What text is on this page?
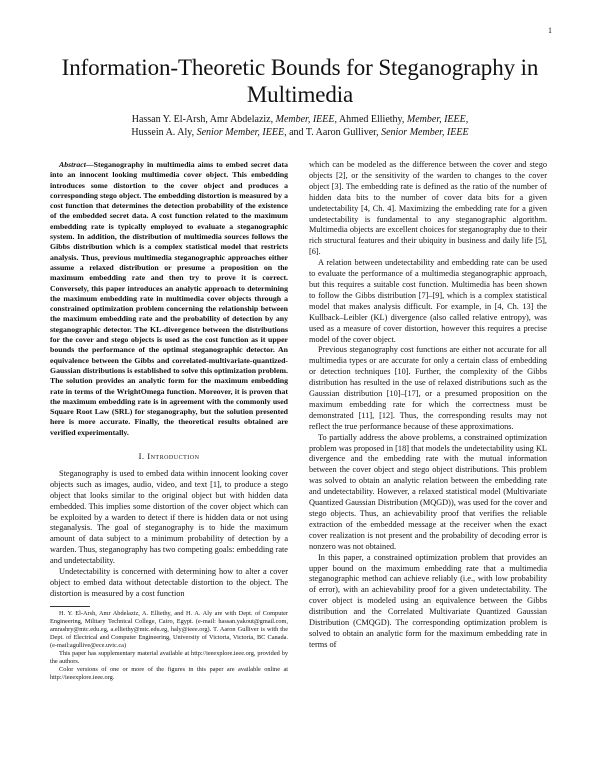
1
Information-Theoretic Bounds for Steganography in Multimedia
Hassan Y. El-Arsh, Amr Abdelaziz, Member, IEEE, Ahmed Elliethy, Member, IEEE,
Hussein A. Aly, Senior Member, IEEE, and T. Aaron Gulliver, Senior Member, IEEE

Abstract—Steganography in multimedia aims to embed secret data into an innocent looking multimedia cover object. This embedding introduces some distortion to the cover object and produces a corresponding stego object. The embedding distortion is measured by a cost function that determines the detection probability of the existence of the embedded secret data. A cost function related to the maximum embedding rate is typically employed to evaluate a steganographic system. In addition, the distribution of multimedia sources follows the Gibbs distribution which is a complex statistical model that restricts analysis. Thus, previous multimedia steganographic approaches either assume a relaxed distribution or presume a proposition on the maximum embedding rate and then try to prove it is correct. Conversely, this paper introduces an analytic approach to determining the maximum embedding rate in multimedia cover objects through a constrained optimization problem concerning the relationship between the maximum embedding rate and the probability of detection by any steganographic detector. The KL-divergence between the distributions for the cover and stego objects is used as the cost function as it upper bounds the performance of the optimal steganographic detector. An equivalence between the Gibbs and correlated-multivariate-quantized-Gaussian distributions is established to solve this optimization problem. The solution provides an analytic form for the maximum embedding rate in terms of the WrightOmega function. Moreover, it is proven that the maximum embedding rate is in agreement with the commonly used Square Root Law (SRL) for steganography, but the solution presented here is more accurate. Finally, the theoretical results obtained are verified experimentally.

I. Introduction

Steganography is used to embed data within innocent looking cover objects such as images, audio, video, and text [1], to produce a stego object that looks similar to the original object but with hidden data embedded. This implies some distortion of the cover object which can be exploited by a warden to detect if there is hidden data or not using steganalysis. The goal of steganography is to hide the maximum amount of data subject to a minimum probability of detection by a warden. Thus, steganography has two competing goals: embedding rate and undetectability.

Undetectability is concerned with determining how to alter a cover object to embed data without detectable distortion to the object. The distortion is measured by a cost function

H. Y. El-Arsh, Amr Abdelaziz, A. Elliethy, and H. A. Aly are with Dept. of Computer Engineering, Military Technical College, Cairo, Egypt. (e-mail: hassan.yakout@gmail.com, amrashry@mtc.edu.eg, a.elliethy@mtc.edu.eg, haly@ieee.org). T. Aaron Gulliver is with the Dept. of Electrical and Computer Engineering, University of Victoria, Victoria, BC Canada. (e-mail:agullive@ece.uvic.ca)

This paper has supplementary material available at http://ieeexplore.ieee.org, provided by the authors.

Color versions of one or more of the figures in this paper are available online at http://ieeexplore.ieee.org.

which can be modeled as the difference between the cover and stego objects [2], or the sensitivity of the warden to changes to the cover object [3]. The embedding rate is defined as the ratio of the number of hidden data bits to the number of cover data bits for a given undetectability [4, Ch. 4]. Maximizing the embedding rate for a given undetectability is fundamental to any steganographic algorithm. Multimedia objects are excellent choices for steganography due to their rich structural features and their ubiquity in business and daily life [5], [6].

A relation between undetectability and embedding rate can be used to evaluate the performance of a multimedia steganographic approach, but this requires a suitable cost function. Multimedia has been shown to follow the Gibbs distribution [7]–[9], which is a complex statistical model that makes analysis difficult. For example, in [4, Ch. 13] the Kullback–Leibler (KL) divergence (also called relative entropy), was used as a measure of cover distortion, however this requires a precise model of the cover object.

Previous steganography cost functions are either not accurate for all multimedia types or are accurate for only a certain class of embedding or detection techniques [10]. Further, the complexity of the Gibbs distribution has resulted in the use of relaxed distributions such as the Gaussian distribution [10]–[17], or a presumed proposition on the maximum embedding rate for which the correctness must be demonstrated [11], [12]. Thus, the corresponding results may not reflect the true performance because of these approximations.

To partially address the above problems, a constrained optimization problem was proposed in [18] that models the undetectability using KL divergence and the embedding rate with the mutual information between the cover object and stego object distributions. This problem was solved to obtain an analytic relation between the embedding rate and undetectability. However, a relaxed statistical model (Multivariate Quantized Gaussian Distribution (MQGD)), was used for the cover and stego objects. Thus, an achievability proof that verifies the reliable extraction of the embedded message at the receiver when the exact cover realization is not present and the probability of decoding error is nonzero was not obtained.

In this paper, a constrained optimization problem that provides an upper bound on the maximum embedding rate that a multimedia steganographic method can achieve reliably (i.e., with low probability of error), with an achievability proof for a given undetectability. The cover object is modeled using an equivalence between the Gibbs distribution and the Correlated Multivariate Quantized Gaussian Distribution (CMQGD). The corresponding optimization problem is solved to obtain an analytic form for the maximum embedding rate in terms of
